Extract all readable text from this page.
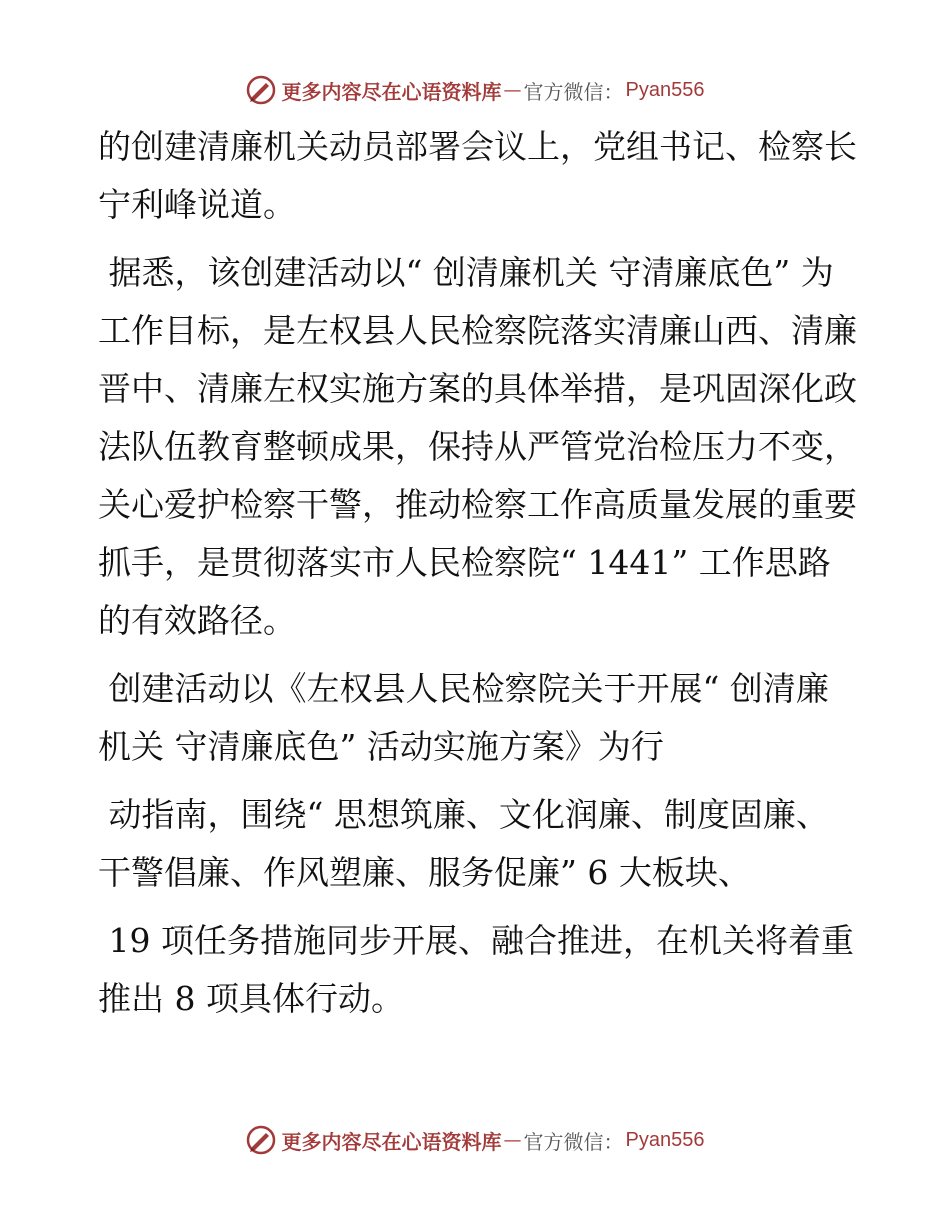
更多内容尽在心语资料库 — 官方微信： Pyan556

的创建清廉机关动员部署会议上，党组书记、检察长宁利峰说道。

据悉，该创建活动以“ 创清廉机关 守清廉底色” 为工作目标，是左权县人民检察院落实清廉山西、清廉晋中、清廉左权实施方案的具体举措，是巩固深化政法队伍教育整顿成果，保持从严管党治检压力不变，关心爱护检察干警，推动检察工作高质量发展的重要抓手，是贯彻落实市人民检察院“ 1441” 工作思路的有效路径。

创建活动以《左权县人民检察院关于开展“ 创清廉机关 守清廉底色” 活动实施方案》为行

动指南，围绕“ 思想筑廉、文化润廉、制度固廉、干警倡廉、作风塑廉、服务促廉” 6 大板块、

19 项任务措施同步开展、融合推进，在机关将着重推出 8 项具体行动。

更多内容尽在心语资料库 — 官方微信： Pyan556
